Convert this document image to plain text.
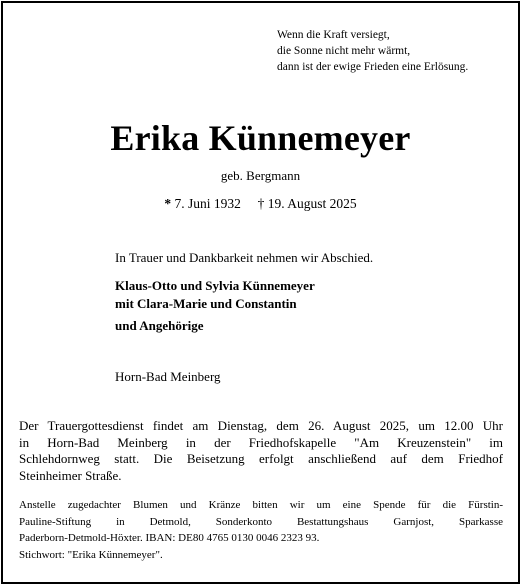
Wenn die Kraft versiegt,
die Sonne nicht mehr wärmt,
dann ist der ewige Frieden eine Erlösung.
Erika Künnemeyer
geb. Bergmann
* 7. Juni 1932 † 19. August 2025
In Trauer und Dankbarkeit nehmen wir Abschied.
Klaus-Otto und Sylvia Künnemeyer
mit Clara-Marie und Constantin
und Angehörige
Horn-Bad Meinberg
Der Trauergottesdienst findet am Dienstag, dem 26. August 2025, um 12.00 Uhr
in Horn-Bad Meinberg in der Friedhofskapelle "Am Kreuzenstein" im
Schlehdornweg statt. Die Beisetzung erfolgt anschließend auf dem Friedhof
Steinheimer Straße.
Anstelle zugedachter Blumen und Kränze bitten wir um eine Spende für die Fürstin-
Pauline-Stiftung in Detmold, Sonderkonto Bestattungshaus Garnjost, Sparkasse
Paderborn-Detmold-Höxter. IBAN: DE80 4765 0130 0046 2323 93.
Stichwort: "Erika Künnemeyer".
